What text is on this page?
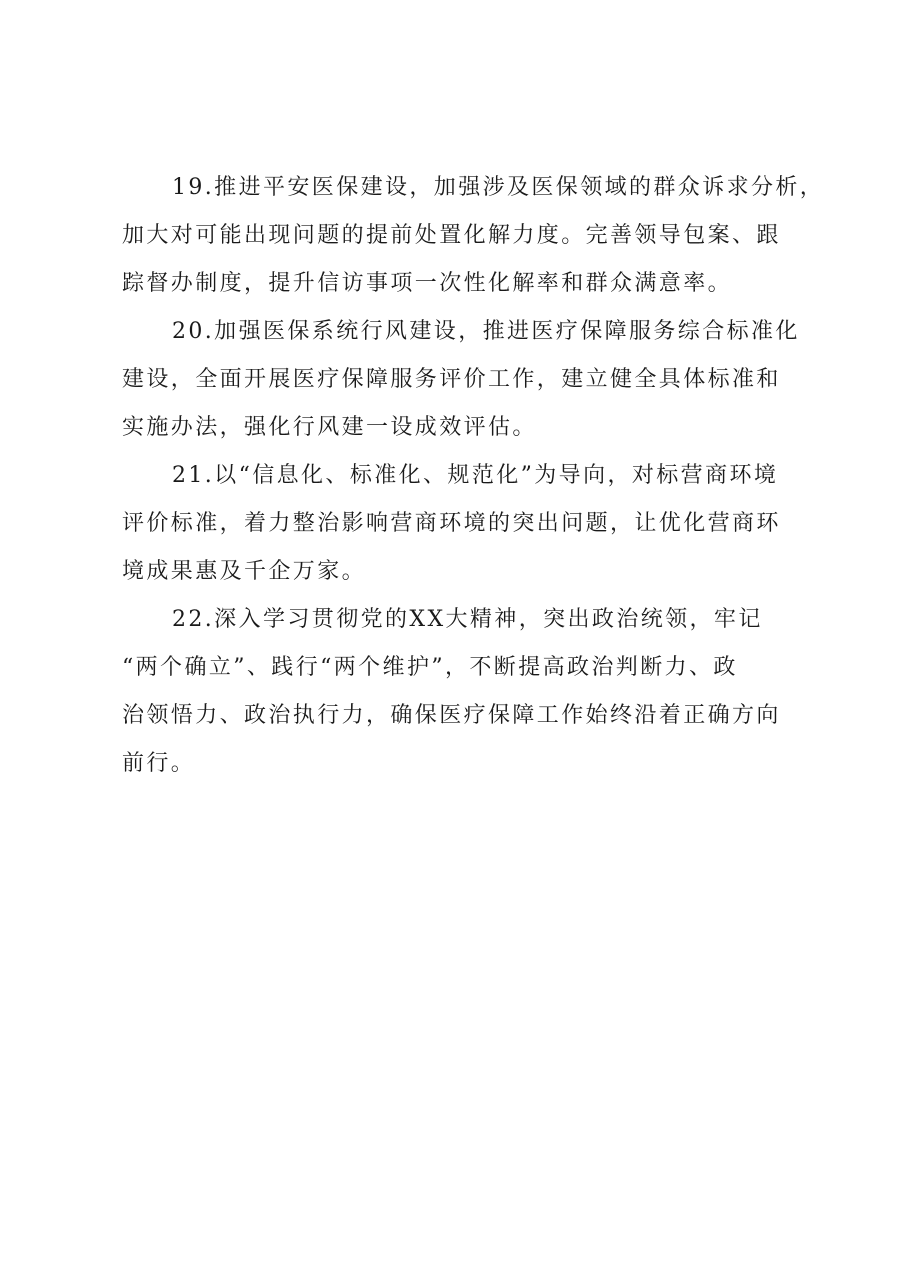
19.推进平安医保建设，加强涉及医保领域的群众诉求分析，
加大对可能出现问题的提前处置化解力度。完善领导包案、跟
踪督办制度，提升信访事项一次性化解率和群众满意率。
20.加强医保系统行风建设，推进医疗保障服务综合标准化
建设，全面开展医疗保障服务评价工作，建立健全具体标准和
实施办法，强化行风建一设成效评估。
21.以“信息化、标准化、规范化”为导向，对标营商环境
评价标准，着力整治影响营商环境的突出问题，让优化营商环
境成果惠及千企万家。
22.深入学习贯彻党的XX大精神，突出政治统领，牢记
“两个确立”、践行“两个维护”，不断提高政治判断力、政
治领悟力、政治执行力，确保医疗保障工作始终沿着正确方向
前行。
